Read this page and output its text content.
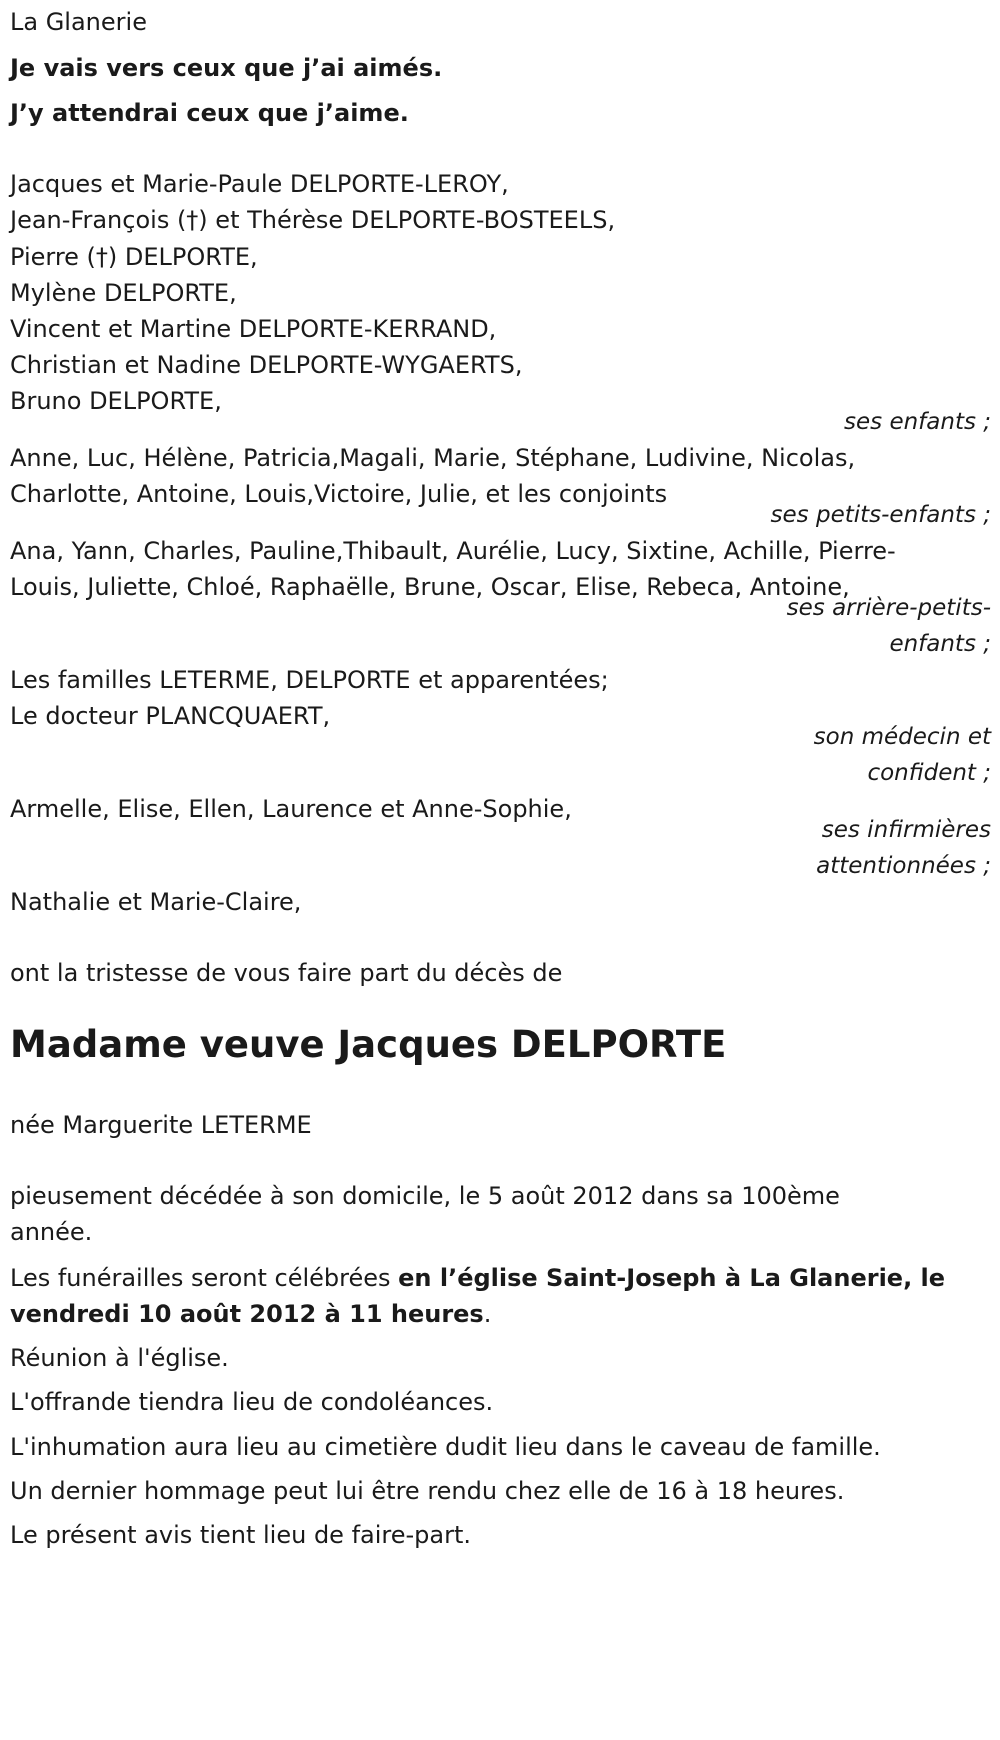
La Glanerie
Je vais vers ceux que j’ai aimés.
J’y attendrai ceux que j’aime.
Jacques et Marie-Paule DELPORTE-LEROY,
Jean-François (†) et Thérèse DELPORTE-BOSTEELS,
Pierre (†) DELPORTE,
Mylène DELPORTE,
Vincent et Martine DELPORTE-KERRAND,
Christian et Nadine DELPORTE-WYGAERTS,
Bruno DELPORTE,
ses enfants ;
Anne, Luc, Hélène, Patricia,Magali, Marie, Stéphane, Ludivine, Nicolas,
Charlotte, Antoine, Louis,Victoire, Julie, et les conjoints
ses petits-enfants ;
Ana, Yann, Charles, Pauline,Thibault, Aurélie, Lucy, Sixtine, Achille, Pierre-
Louis, Juliette, Chloé, Raphaëlle, Brune, Oscar, Elise, Rebeca, Antoine,
ses arrière-petits-
enfants ;
Les familles LETERME, DELPORTE et apparentées;
Le docteur PLANCQUAERT,
son médecin et
confident ;
Armelle, Elise, Ellen, Laurence et Anne-Sophie,
ses infirmières
attentionnées ;
Nathalie et Marie-Claire,
ont la tristesse de vous faire part du décès de
Madame veuve Jacques DELPORTE
née Marguerite LETERME
pieusement décédée à son domicile, le 5 août 2012 dans sa 100ème
année.
Les funérailles seront célébrées en l’église Saint-Joseph à La Glanerie, le
vendredi 10 août 2012 à 11 heures.
Réunion à l'église.
L'offrande tiendra lieu de condoléances.
L'inhumation aura lieu au cimetière dudit lieu dans le caveau de famille.
Un dernier hommage peut lui être rendu chez elle de 16 à 18 heures.
Le présent avis tient lieu de faire-part.
